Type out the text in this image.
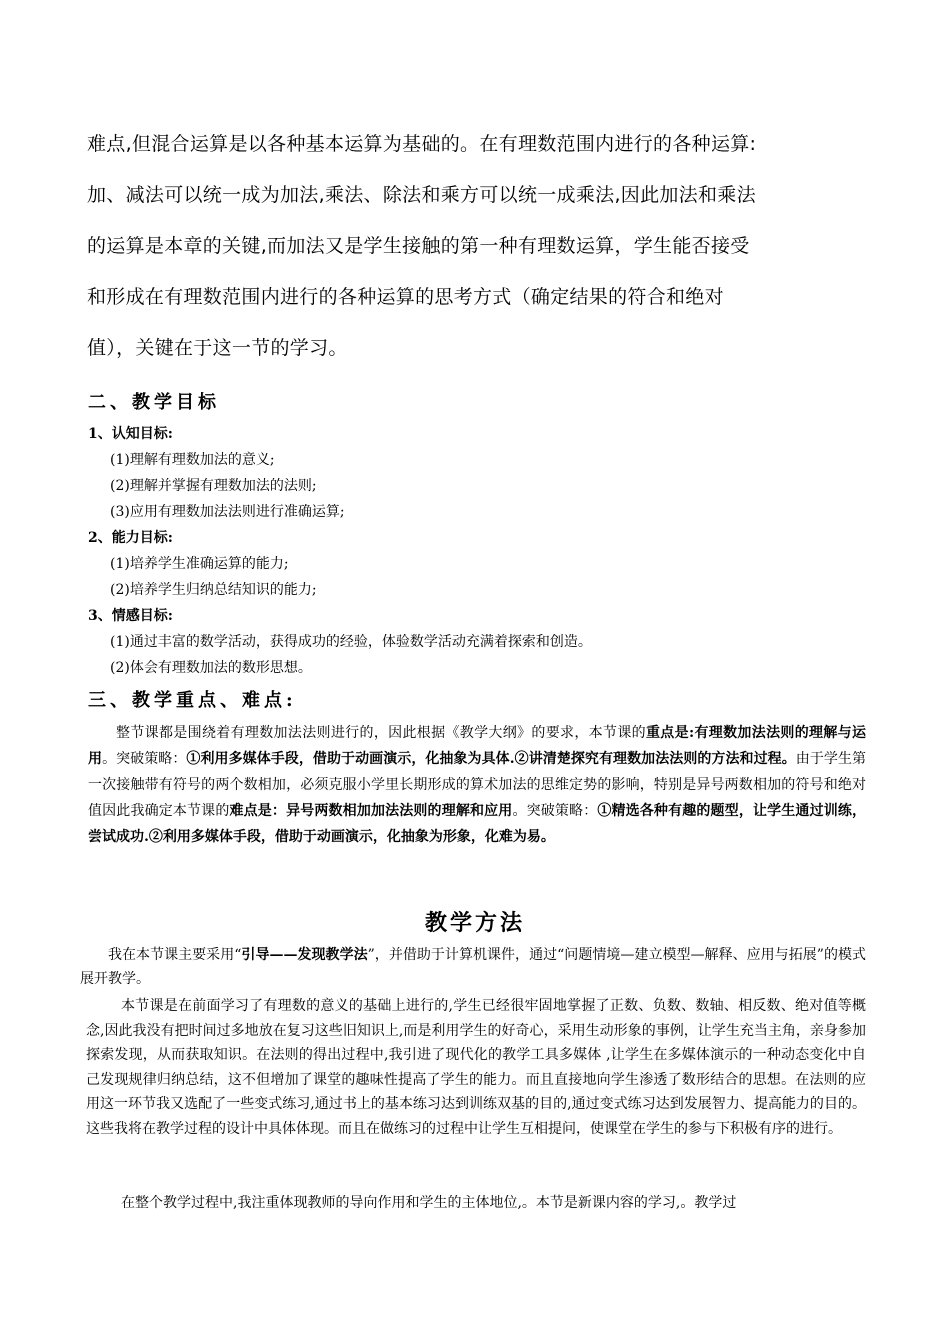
难点,但混合运算是以各种基本运算为基础的。在有理数范围内进行的各种运算:
加、减法可以统一成为加法,乘法、除法和乘方可以统一成乘法,因此加法和乘法
的运算是本章的关键,而加法又是学生接触的第一种有理数运算，学生能否接受
和形成在有理数范围内进行的各种运算的思考方式（确定结果的符合和绝对
值），关键在于这一节的学习。
二、教学目标
1、认知目标:
(1)理解有理数加法的意义;
(2)理解并掌握有理数加法的法则;
(3)应用有理数加法法则进行准确运算;
2、能力目标:
(1)培养学生准确运算的能力;
(2)培养学生归纳总结知识的能力;
3、情感目标:
(1)通过丰富的数学活动，获得成功的经验，体验数学活动充满着探索和创造。
(2)体会有理数加法的数形思想。
三、教学重点、难点:
整节课都是围绕着有理数加法法则进行的，因此根据《教学大纲》的要求，本节课的重点是:有理数加法法则的理解与运用。突破策略：①利用多媒体手段，借助于动画演示，化抽象为具体.②讲清楚探究有理数加法法则的方法和过程。由于学生第一次接触带有符号的两个数相加，必须克服小学里长期形成的算术加法的思维定势的影响，特别是异号两数相加的符号和绝对值因此我确定本节课的难点是：异号两数相加加法法则的理解和应用。突破策略：①精选各种有趣的题型，让学生通过训练，尝试成功.②利用多媒体手段，借助于动画演示，化抽象为形象，化难为易。
教学方法
我在本节课主要采用“引导——发现教学法”，并借助于计算机课件，通过“问题情境—建立模型—解释、应用与拓展”的模式展开教学。
本节课是在前面学习了有理数的意义的基础上进行的,学生已经很牢固地掌握了正数、负数、数轴、相反数、绝对值等概念,因此我没有把时间过多地放在复习这些旧知识上,而是利用学生的好奇心，采用生动形象的事例，让学生充当主角，亲身参加探索发现，从而获取知识。在法则的得出过程中,我引进了现代化的教学工具多媒体 ,让学生在多媒体演示的一种动态变化中自己发现规律归纳总结，这不但增加了课堂的趣味性提高了学生的能力。而且直接地向学生渗透了数形结合的思想。在法则的应用这一环节我又选配了一些变式练习,通过书上的基本练习达到训练双基的目的,通过变式练习达到发展智力、提高能力的目的。这些我将在教学过程的设计中具体体现。而且在做练习的过程中让学生互相提问，使课堂在学生的参与下积极有序的进行。
在整个教学过程中,我注重体现教师的导向作用和学生的主体地位,。本节是新课内容的学习,。教学过
